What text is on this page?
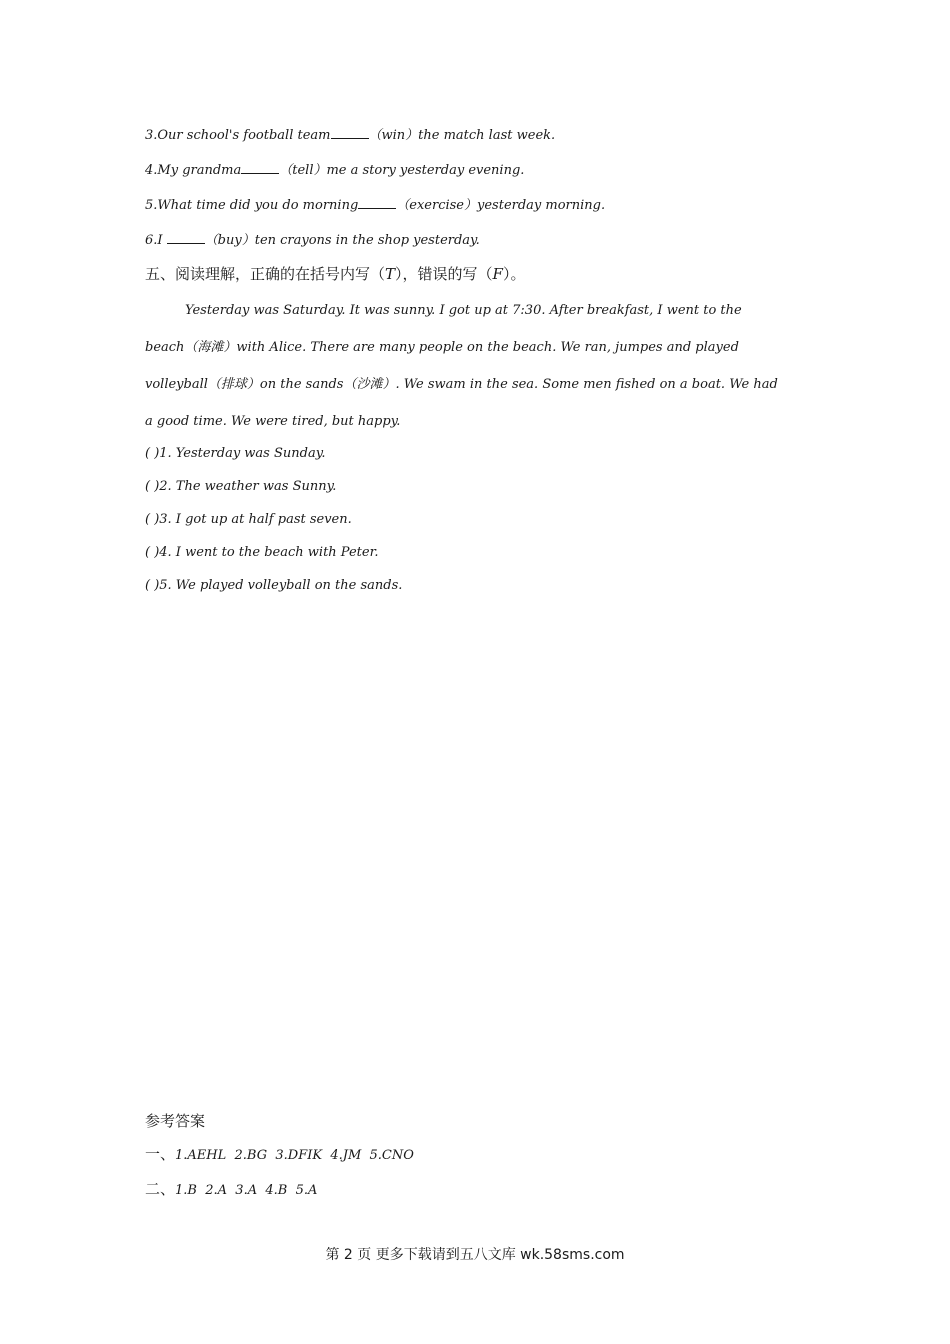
3.Our school's football team	（win）the match last week.
4.My grandma	（tell）me a story yesterday evening.
5.What time did you do morning	（exercise）yesterday morning.
6.I	（buy）ten crayons in the shop yesterday.
五、阅读理解，正确的在括号内写（T），错误的写（F）。
Yesterday was Saturday. It was sunny. I got up at 7:30. After breakfast, I went to the beach（海滩）with Alice. There are many people on the beach. We ran, jumpes and played volleyball（排球）on the sands（沙滩）. We swam in the sea. Some men fished on a boat. We had a good time. We were tired, but happy.
( )1. Yesterday was Sunday.
( )2. The weather was Sunny.
( )3. I got up at half past seven.
( )4. I went to the beach with Peter.
( )5. We played volleyball on the sands.
参考答案
一、1.AEHL  2.BG  3.DFIK  4.JM  5.CNO
二、1.B  2.A  3.A  4.B  5.A
第 2 页 更多下载请到五八文库 wk.58sms.com
